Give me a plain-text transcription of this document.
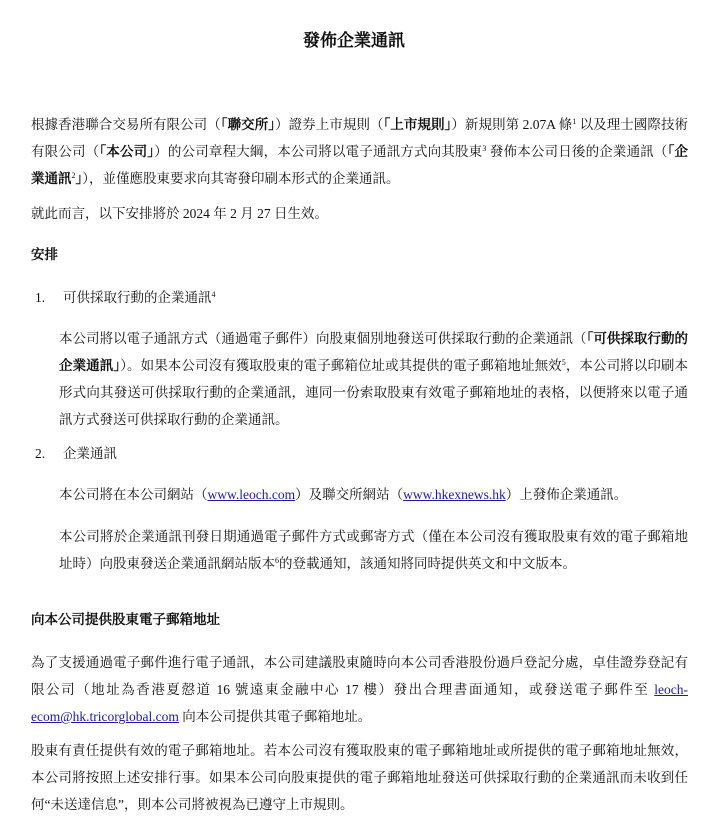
發佈企業通訊
根據香港聯合交易所有限公司（「聯交所」）證券上市規則（「上市規則」）新規則第 2.07A 條$^1$ 以及理士國際技術有限公司（「本公司」）的公司章程大綱，本公司將以電子通訊方式向其股東$^3$ 發佈本公司日後的企業通訊（「企業通訊$^2$」），並僅應股東要求向其寄發印刷本形式的企業通訊。
就此而言，以下安排將於 2024 年 2 月 27 日生效。
安排
1. 可供採取行動的企業通訊$^4$
本公司將以電子通訊方式（通過電子郵件）向股東個別地發送可供採取行動的企業通訊（「可供採取行動的企業通訊」）。如果本公司沒有獲取股東的電子郵箱位址或其提供的電子郵箱地址無效$^5$，本公司將以印刷本形式向其發送可供採取行動的企業通訊，連同一份索取股東有效電子郵箱地址的表格，以便將來以電子通訊方式發送可供採取行動的企業通訊。
2. 企業通訊
本公司將在本公司網站（www.leoch.com）及聯交所網站（www.hkexnews.hk）上發佈企業通訊。
本公司將於企業通訊刊發日期通過電子郵件方式或郵寄方式（僅在本公司沒有獲取股東有效的電子郵箱地址時）向股東發送企業通訊網站版本$^6$的登載通知，該通知將同時提供英文和中文版本。
向本公司提供股東電子郵箱地址
為了支援通過電子郵件進行電子通訊，本公司建議股東隨時向本公司香港股份過戶登記分處，卓佳證券登記有限公司（地址為香港夏慤道 16 號遠東金融中心 17 樓）發出合理書面通知，或發送電子郵件至 leoch-ecom@hk.tricorglobal.com 向本公司提供其電子郵箱地址。
股東有責任提供有效的電子郵箱地址。若本公司沒有獲取股東的電子郵箱地址或所提供的電子郵箱地址無效，本公司將按照上述安排行事。如果本公司向股東提供的電子郵箱地址發送可供採取行動的企業通訊而未收到任何“未送達信息”，則本公司將被視為已遵守上市規則。
